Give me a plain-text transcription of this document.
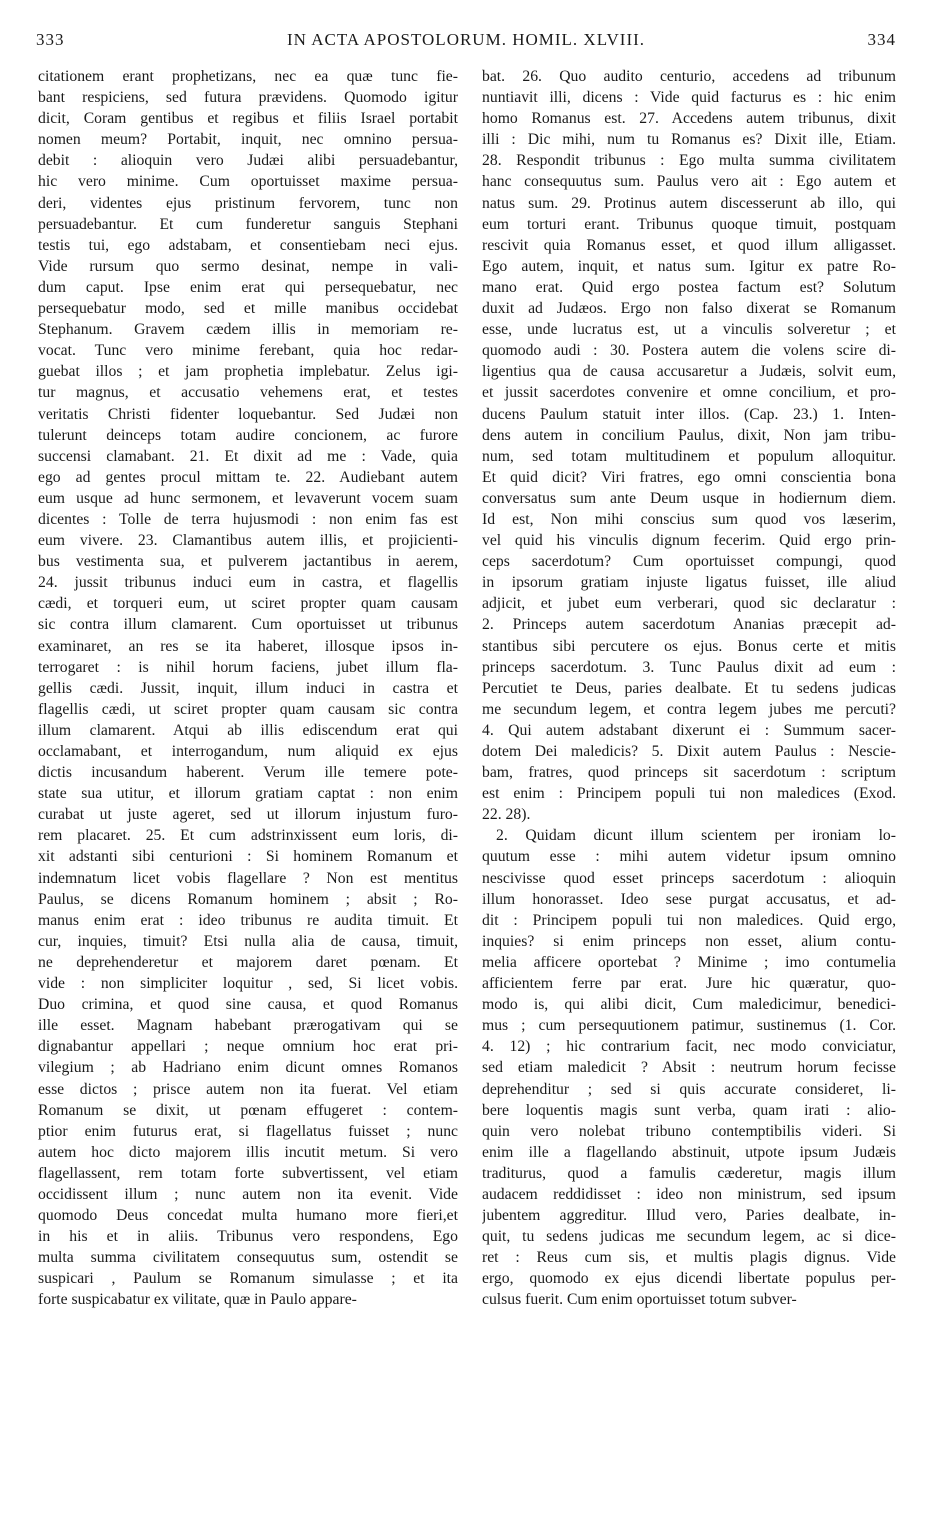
333	IN ACTA APOSTOLORUM. HOMIL. XLVIII.	334
citationem erant prophetizans, nec ea quæ tunc fie-
bant respiciens, sed futura prævidens. Quomodo igitur
dicit, Coram gentibus et regibus et filiis Israel portabit
nomen meum? Portabit, inquit, nec omnino persua-
debit : alioquin vero Judæi alibi persuadebantur,
hic vero minime. Cum oportuisset maxime persua-
deri, videntes ejus pristinum fervorem, tunc non
persuadebantur. Et cum funderetur sanguis Stephani
testis tui, ego adstabam, et consentiebam neci ejus.
Vide rursum quo sermo desinat, nempe in vali-
dum caput. Ipse enim erat qui persequebatur, nec
persequebatur modo, sed et mille manibus occidebat
Stephanum. Gravem cædem illis in memoriam re-
vocat. Tunc vero minime ferebant, quia hoc redar-
guebat illos ; et jam prophetia implebatur. Zelus igi-
tur magnus, et accusatio vehemens erat, et testes
veritatis Christi fidenter loquebantur. Sed Judæi non
tulerunt deinceps totam audire concionem, ac furore
succensi clamabant. 21. Et dixit ad me : Vade, quia
ego ad gentes procul mittam te. 22. Audiebant autem
eum usque ad hunc sermonem, et levaverunt vocem suam
dicentes : Tolle de terra hujusmodi : non enim fas est
eum vivere. 23. Clamantibus autem illis, et projicienti-
bus vestimenta sua, et pulverem jactantibus in aerem,
24. jussit tribunus induci eum in castra, et flagellis
cædi, et torqueri eum, ut sciret propter quam causam
sic contra illum clamarent. Cum oportuisset ut tribunus
examinaret, an res se ita haberet, illosque ipsos in-
terrogaret : is nihil horum faciens, jubet illum fla-
gellis cædi. Jussit, inquit, illum induci in castra et
flagellis cædi, ut sciret propter quam causam sic contra
illum clamarent. Atqui ab illis ediscendum erat qui
occlamabant, et interrogandum, num aliquid ex ejus
dictis incusandum haberent. Verum ille temere pote-
state sua utitur, et illorum gratiam captat : non enim
curabat ut juste ageret, sed ut illorum injustum furo-
rem placaret. 25. Et cum adstrinxissent eum loris, di-
xit adstanti sibi centurioni : Si hominem Romanum et
indemnatum licet vobis flagellare ? Non est mentitus
Paulus, se dicens Romanum hominem ; absit ; Ro-
manus enim erat : ideo tribunus re audita timuit. Et
cur, inquies, timuit? Etsi nulla alia de causa, timuit,
ne deprehenderetur et majorem daret pœnam. Et
vide : non simpliciter loquitur , sed, Si licet vobis.
Duo crimina, et quod sine causa, et quod Romanus
ille esset. Magnam habebant prærogativam qui se
dignabantur appellari ; neque omnium hoc erat pri-
vilegium ; ab Hadriano enim dicunt omnes Romanos
esse dictos ; prisce autem non ita fuerat. Vel etiam
Romanum se dixit, ut pœnam effugeret : contem-
ptior enim futurus erat, si flagellatus fuisset ; nunc
autem hoc dicto majorem illis incutit metum. Si vero
flagellassent, rem totam forte subvertissent, vel etiam
occidissent illum ; nunc autem non ita evenit. Vide
quomodo Deus concedat multa humano more fieri,et
in his et in aliis. Tribunus vero respondens, Ego
multa summa civilitatem consequutus sum, ostendit se
suspicari , Paulum se Romanum simulasse ; et ita
forte suspicabatur ex vilitate, quæ in Paulo appare-
bat. 26. Quo audito centurio, accedens ad tribunum
nuntiavit illi, dicens : Vide quid facturus es : hic enim
homo Romanus est. 27. Accedens autem tribunus, dixit
illi : Dic mihi, num tu Romanus es? Dixit ille, Etiam.
28. Respondit tribunus : Ego multa summa civilitatem
hanc consequutus sum. Paulus vero ait : Ego autem et
natus sum. 29. Protinus autem discesserunt ab illo, qui
eum torturi erant. Tribunus quoque timuit, postquam
rescivit quia Romanus esset, et quod illum alligasset.
Ego autem, inquit, et natus sum. Igitur ex patre Ro-
mano erat. Quid ergo postea factum est? Solutum
duxit ad Judæos. Ergo non falso dixerat se Romanum
esse, unde lucratus est, ut a vinculis solveretur ; et
quomodo audi : 30. Postera autem die volens scire di-
ligentius qua de causa accusaretur a Judæis, solvit eum,
et jussit sacerdotes convenire et omne concilium, et pro-
ducens Paulum statuit inter illos. (Cap. 23.) 1. Inten-
dens autem in concilium Paulus, dixit, Non jam tribu-
num, sed totam multitudinem et populum alloquitur.
Et quid dicit? Viri fratres, ego omni conscientia bona
conversatus sum ante Deum usque in hodiernum diem.
Id est, Non mihi conscius sum quod vos læserim,
vel quid his vinculis dignum fecerim. Quid ergo prin-
ceps sacerdotum? Cum oportuisset compungi, quod
in ipsorum gratiam injuste ligatus fuisset, ille aliud
adjicit, et jubet eum verberari, quod sic declaratur :
2. Princeps autem sacerdotum Ananias præcepit ad-
stantibus sibi percutere os ejus. Bonus certe et mitis
princeps sacerdotum. 3. Tunc Paulus dixit ad eum :
Percutiet te Deus, paries dealbate. Et tu sedens judicas
me secundum legem, et contra legem jubes me percuti?
4. Qui autem adstabant dixerunt ei : Summum sacer-
dotem Dei maledicis? 5. Dixit autem Paulus : Nescie-
bam, fratres, quod princeps sit sacerdotum : scriptum
est enim : Principem populi tui non maledices (Exod.
22. 28).
2. Quidam dicunt illum scientem per ironiam lo-
quutum esse : mihi autem videtur ipsum omnino
nescivisse quod esset princeps sacerdotum : alioquin
illum honorasset. Ideo sese purgat accusatus, et ad-
dit : Principem populi tui non maledices. Quid ergo,
inquies? si enim princeps non esset, alium contu-
melia afficere oportebat ? Minime ; imo contumelia
afficientem ferre par erat. Jure hic quæratur, quo-
modo is, qui alibi dicit, Cum maledicimur, benedici-
mus ; cum persequutionem patimur, sustinemus (1. Cor.
4. 12) ; hic contrarium facit, nec modo conviciatur,
sed etiam maledicit ? Absit : neutrum horum fecisse
deprehenditur ; sed si quis accurate consideret, li-
bere loquentis magis sunt verba, quam irati : alio-
quin vero nolebat tribuno contemptibilis videri. Si
enim ille a flagellando abstinuit, utpote ipsum Judæis
traditurus, quod a famulis cæderetur, magis illum
audacem reddidisset : ideo non ministrum, sed ipsum
jubentem aggreditur. Illud vero, Paries dealbate, in-
quit, tu sedens judicas me secundum legem, ac si dice-
ret : Reus cum sis, et multis plagis dignus. Vide
ergo, quomodo ex ejus dicendi libertate populus per-
culsus fuerit. Cum enim oportuisset totum subver-
